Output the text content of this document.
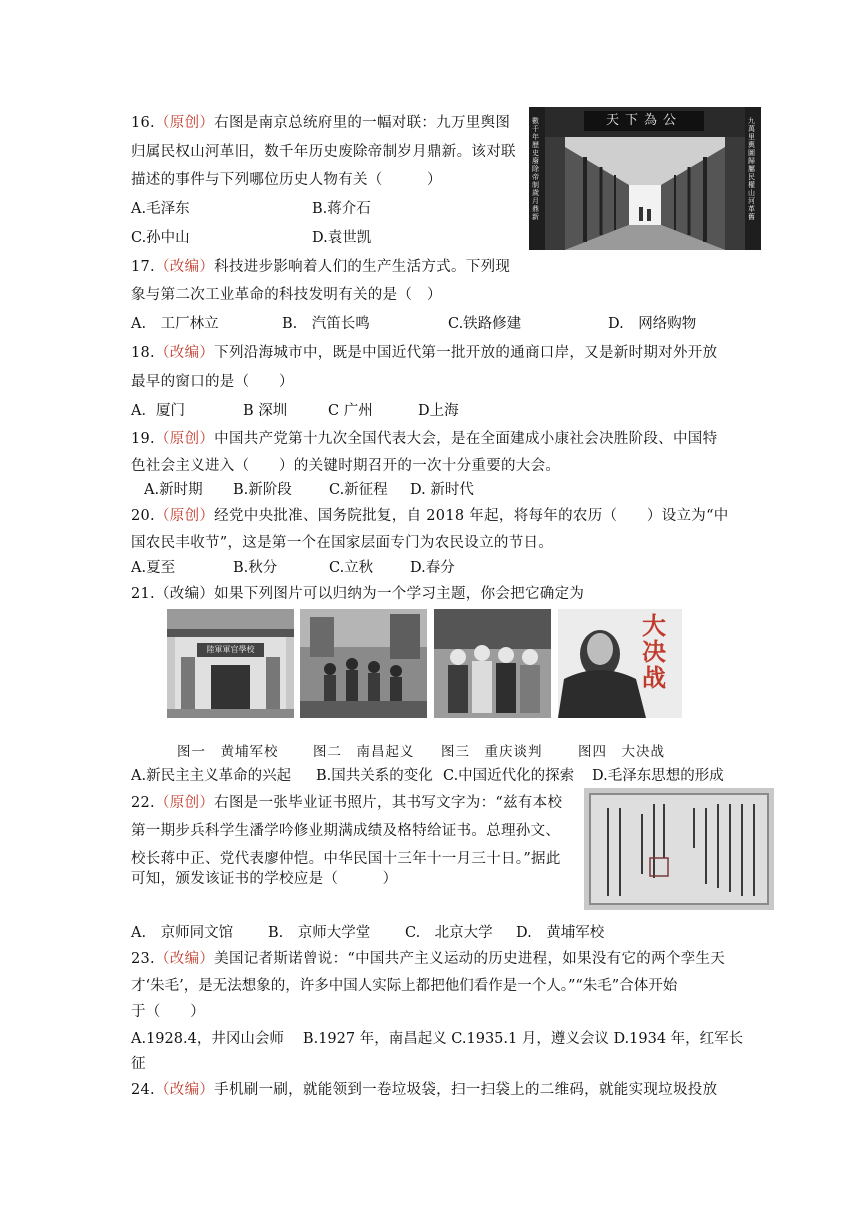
16.（原创）右图是南京总统府里的一幅对联：九万里舆图
归属民权山河革旧，数千年历史废除帝制岁月鼎新。该对联
描述的事件与下列哪位历史人物有关（　　　）
A.毛泽东	B.蒋介石
C.孙中山	D.袁世凯
天下為公
數千年歷史廢除帝制歲月鼎新
九萬里輿圖歸屬民權山河革舊
17.（改编）科技进步影响着人们的生产生活方式。下列现
象与第二次工业革命的科技发明有关的是（　）
A.　工厂林立	B.　汽笛长鸣	C.铁路修建	D.　网络购物
18.（改编）下列沿海城市中，既是中国近代第一批开放的通商口岸，又是新时期对外开放
最早的窗口的是（　　）
A．厦门	B 深圳	C 广州	D上海
19.（原创）中国共产党第十九次全国代表大会，是在全面建成小康社会决胜阶段、中国特
色社会主义进入（　　）的关键时期召开的一次十分重要的大会。
A.新时期 B.新阶段	C.新征程 D. 新时代
20.（原创）经党中央批准、国务院批复，自 2018 年起，将每年的农历（　　）设立为“中
国农民丰收节”，这是第一个在国家层面专门为农民设立的节日。
A.夏至	B.秋分	C.立秋	D.春分
21.（改编）如果下列图片可以归纳为一个学习主题，你会把它确定为
陸軍軍官學校
大决战
图一　黄埔军校	图二　南昌起义 图三　重庆谈判	图四　大决战
A.新民主主义革命的兴起 B.国共关系的变化 C.中国近代化的探索 D.毛泽东思想的形成
22.（原创）右图是一张毕业证书照片，其书写文字为：“兹有本校
第一期步兵科学生潘学吟修业期满成绩及格特给证书。总理孙文、
校长蒋中正、党代表廖仲恺。中华民国十三年十一月三十日。”据此
可知，颁发该证书的学校应是（　　　）
A.　京师同文馆 B.　京师大学堂 C.　北京大学 D.　黄埔军校
23.（改编）美国记者斯诺曾说：“中国共产主义运动的历史进程，如果没有它的两个孪生天
才‘朱毛’，是无法想象的，许多中国人实际上都把他们看作是一个人。”“朱毛”合体开始
于（　　）
A.1928.4，井冈山会师　 B.1927 年，南昌起义 C.1935.1 月，遵义会议 D.1934 年，红军长
征
24.（改编）手机刷一刷，就能领到一卷垃圾袋，扫一扫袋上的二维码，就能实现垃圾投放
